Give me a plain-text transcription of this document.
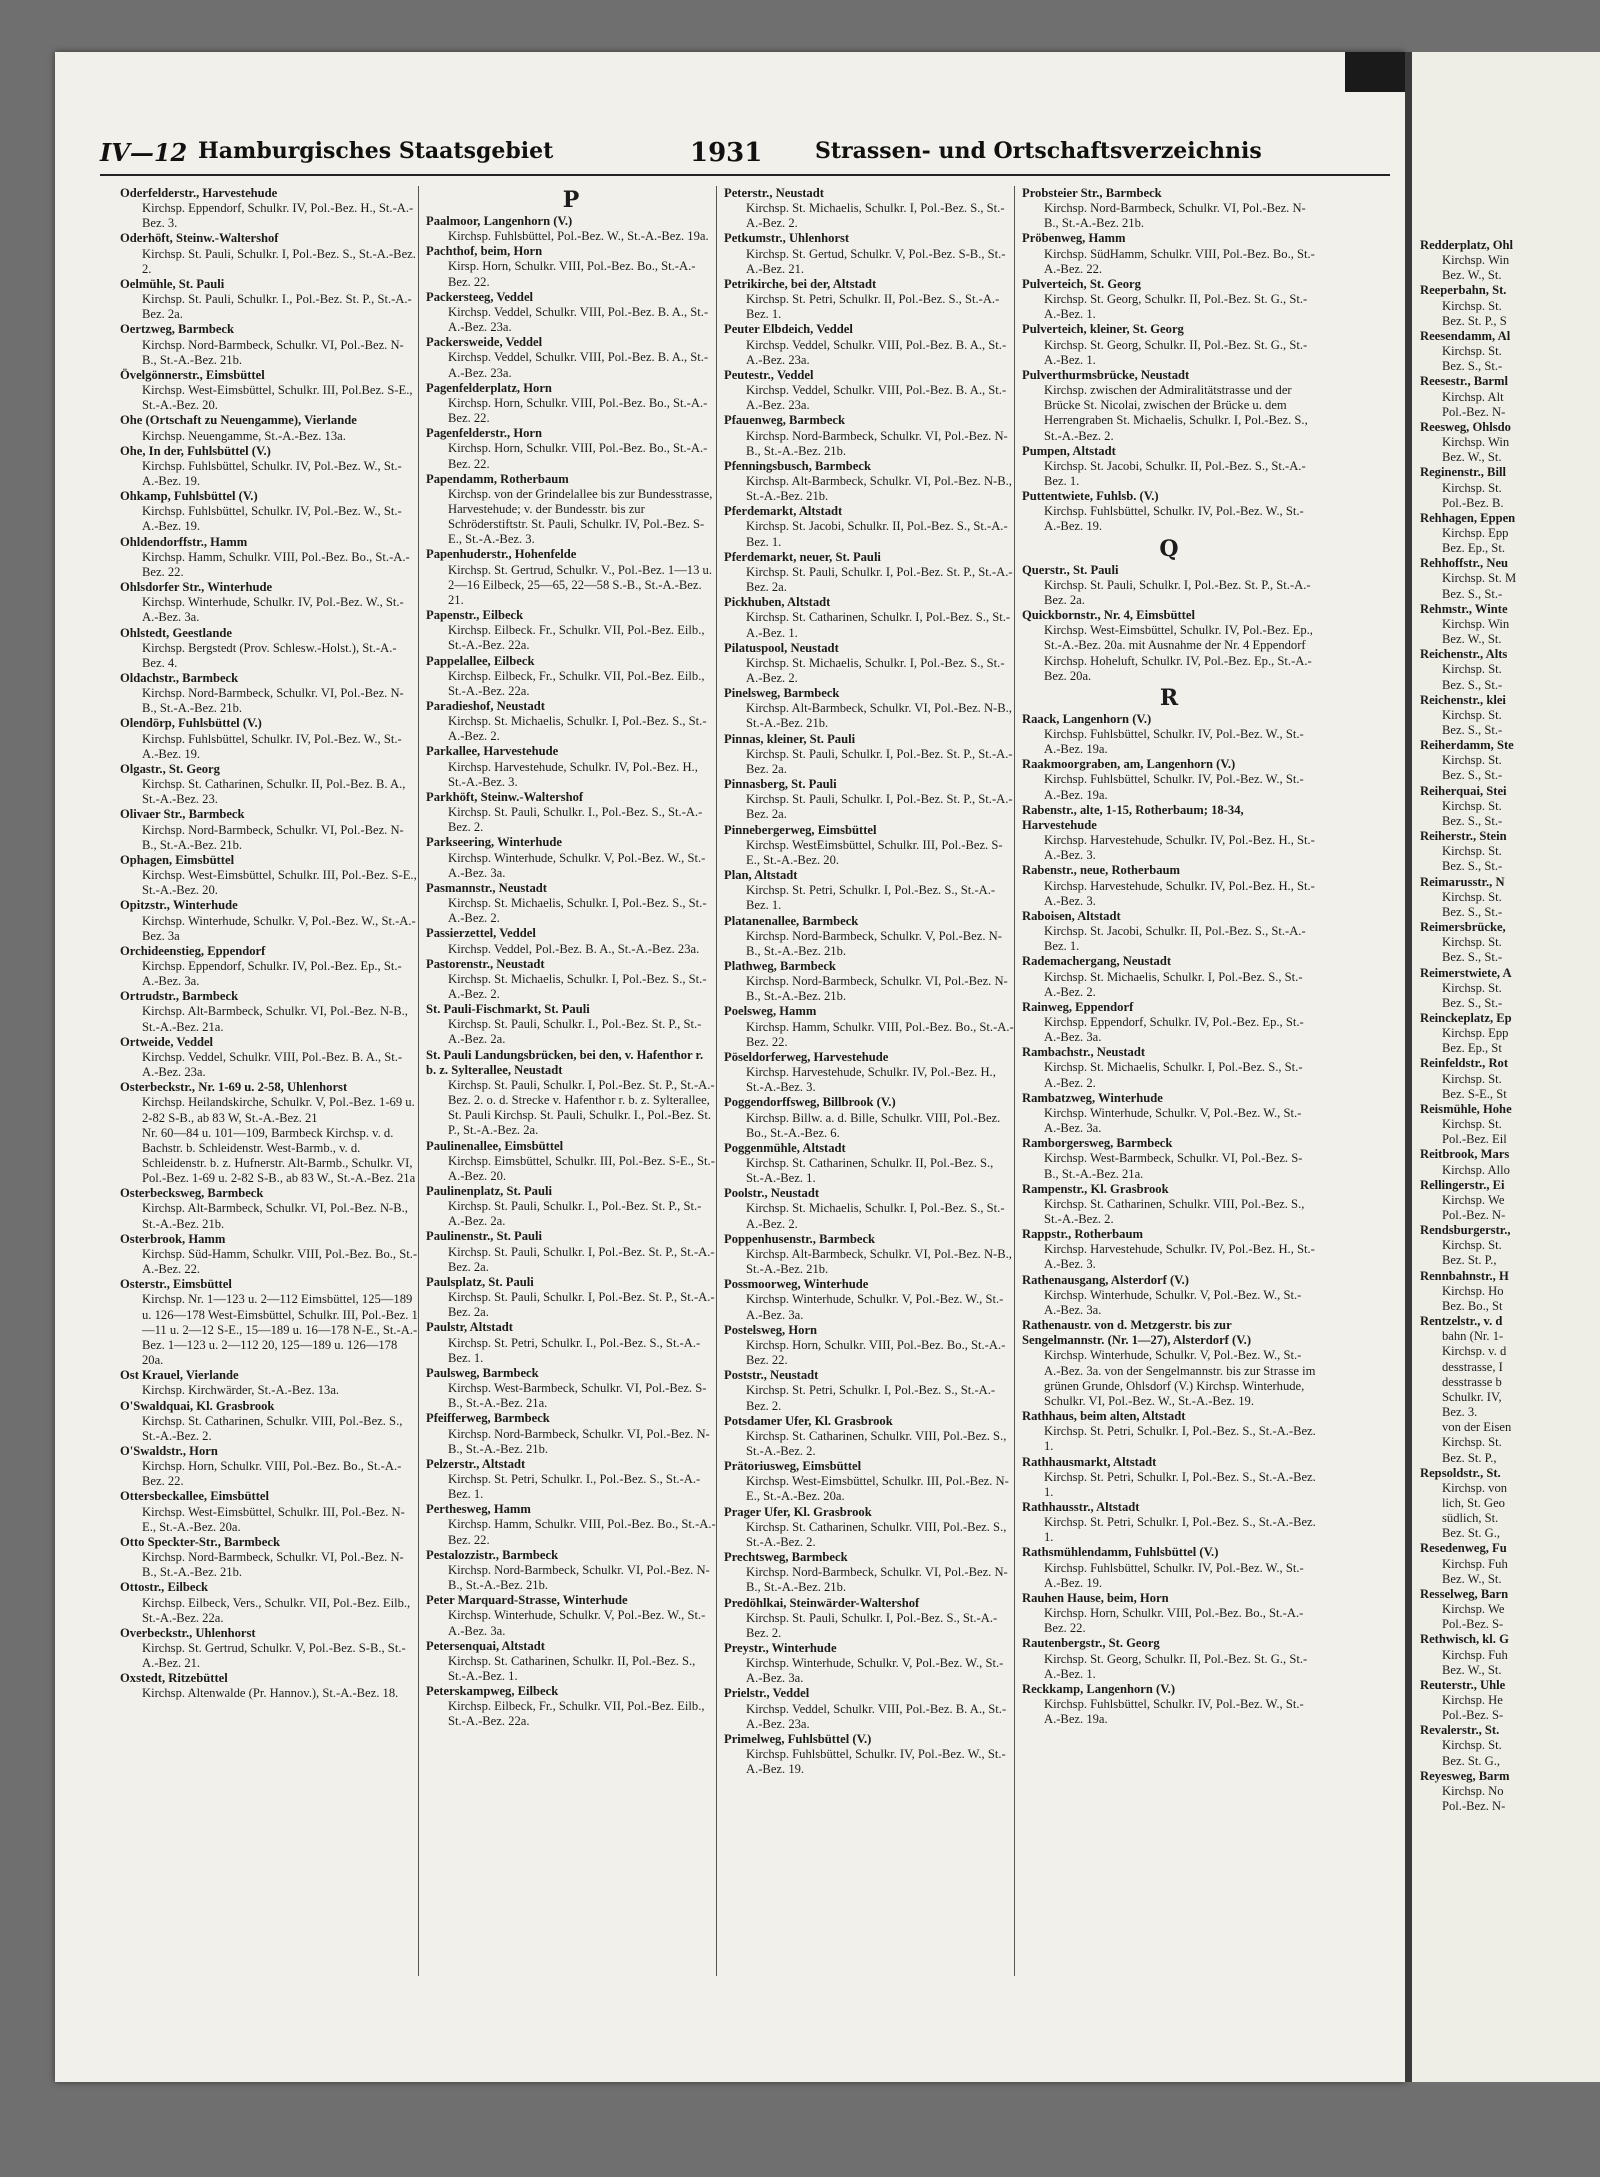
Redderplatz, Ohl
Kirchsp. Win
Bez. W., St.
Reeperbahn, St.
Kirchsp. St.
Bez. St. P., S
Reesendamm, Al
Kirchsp. St.
Bez. S., St.-
Reesestr., Barml
Kirchsp. Alt
Pol.-Bez. N-
Reesweg, Ohlsdo
Kirchsp. Win
Bez. W., St.
Reginenstr., Bill
Kirchsp. St.
Pol.-Bez. B.
Rehhagen, Eppen
Kirchsp. Epp
Bez. Ep., St.
Rehhoffstr., Neu
Kirchsp. St. M
Bez. S., St.-
Rehmstr., Winte
Kirchsp. Win
Bez. W., St.
Reichenstr., Alts
Kirchsp. St.
Bez. S., St.-
Reichenstr., klei
Kirchsp. St.
Bez. S., St.-
Reiherdamm, Ste
Kirchsp. St.
Bez. S., St.-
Reiherquai, Stei
Kirchsp. St.
Bez. S., St.-
Reiherstr., Stein
Kirchsp. St.
Bez. S., St.-
Reimarusstr., N
Kirchsp. St.
Bez. S., St.-
Reimersbrücke,
Kirchsp. St.
Bez. S., St.-
Reimerstwiete, A
Kirchsp. St.
Bez. S., St.-
Reinckeplatz, Ep
Kirchsp. Epp
Bez. Ep., St
Reinfeldstr., Rot
Kirchsp. St.
Bez. S-E., St
Reismühle, Hohe
Kirchsp. St.
Pol.-Bez. Eil
Reitbrook, Mars
Kirchsp. Allo
Rellingerstr., Ei
Kirchsp. We
Pol.-Bez. N-
Rendsburgerstr.,
Kirchsp. St.
Bez. St. P.,
Rennbahnstr., H
Kirchsp. Ho
Bez. Bo., St
Rentzelstr., v. d
bahn (Nr. 1-
Kirchsp. v. d
desstrasse, I
desstrasse b
Schulkr. IV,
Bez. 3.
von der Eisen
Kirchsp. St.
Bez. St. P.,
Repsoldstr., St.
Kirchsp. von
lich, St. Geo
südlich, St.
Bez. St. G.,
Resedenweg, Fu
Kirchsp. Fuh
Bez. W., St.
Resselweg, Barn
Kirchsp. We
Pol.-Bez. S-
Rethwisch, kl. G
Kirchsp. Fuh
Bez. W., St.
Reuterstr., Uhle
Kirchsp. He
Pol.-Bez. S-
Revalerstr., St.
Kirchsp. St.
Bez. St. G.,
Reyesweg, Barm
Kirchsp. No
Pol.-Bez. N-
IV—12 Hamburgisches Staatsgebiet	1931 Strassen- und Ortschaftsverzeichnis
Oderfelderstr., Harvestehude
Kirchsp. Eppendorf, Schulkr. IV, Pol.-Bez. H., St.-A.-Bez. 3.
Oderhöft, Steinw.-Waltershof
Kirchsp. St. Pauli, Schulkr. I, Pol.-Bez. S., St.-A.-Bez. 2.
Oelmühle, St. Pauli
Kirchsp. St. Pauli, Schulkr. I., Pol.-Bez. St. P., St.-A.-Bez. 2a.
Oertzweg, Barmbeck
Kirchsp. Nord-Barmbeck, Schulkr. VI, Pol.-Bez. N-B., St.-A.-Bez. 21b.
Övelgönnerstr., Eimsbüttel
Kirchsp. West-Eimsbüttel, Schulkr. III, Pol.Bez. S-E., St.-A.-Bez. 20.
Ohe (Ortschaft zu Neuengamme), Vierlande
Kirchsp. Neuengamme, St.-A.-Bez. 13a.
Ohe, In der, Fuhlsbüttel (V.)
Kirchsp. Fuhlsbüttel, Schulkr. IV, Pol.-Bez. W., St.-A.-Bez. 19.
Ohkamp, Fuhlsbüttel (V.)
Kirchsp. Fuhlsbüttel, Schulkr. IV, Pol.-Bez. W., St.-A.-Bez. 19.
Ohldendorffstr., Hamm
Kirchsp. Hamm, Schulkr. VIII, Pol.-Bez. Bo., St.-A.-Bez. 22.
Ohlsdorfer Str., Winterhude
Kirchsp. Winterhude, Schulkr. IV, Pol.-Bez. W., St.-A.-Bez. 3a.
Ohlstedt, Geestlande
Kirchsp. Bergstedt (Prov. Schlesw.-Holst.), St.-A.-Bez. 4.
Oldachstr., Barmbeck
Kirchsp. Nord-Barmbeck, Schulkr. VI, Pol.-Bez. N-B., St.-A.-Bez. 21b.
Olendörp, Fuhlsbüttel (V.)
Kirchsp. Fuhlsbüttel, Schulkr. IV, Pol.-Bez. W., St.-A.-Bez. 19.
Olgastr., St. Georg
Kirchsp. St. Catharinen, Schulkr. II, Pol.-Bez. B. A., St.-A.-Bez. 23.
Olivaer Str., Barmbeck
Kirchsp. Nord-Barmbeck, Schulkr. VI, Pol.-Bez. N-B., St.-A.-Bez. 21b.
Ophagen, Eimsbüttel
Kirchsp. West-Eimsbüttel, Schulkr. III, Pol.-Bez. S-E., St.-A.-Bez. 20.
Opitzstr., Winterhude
Kirchsp. Winterhude, Schulkr. V, Pol.-Bez. W., St.-A.-Bez. 3a
Orchideenstieg, Eppendorf
Kirchsp. Eppendorf, Schulkr. IV, Pol.-Bez. Ep., St.-A.-Bez. 3a.
Ortrudstr., Barmbeck
Kirchsp. Alt-Barmbeck, Schulkr. VI, Pol.-Bez. N-B., St.-A.-Bez. 21a.
Ortweide, Veddel
Kirchsp. Veddel, Schulkr. VIII, Pol.-Bez. B. A., St.-A.-Bez. 23a.
Osterbeckstr., Nr. 1-69 u. 2-58, Uhlenhorst
Kirchsp. Heilandskirche, Schulkr. V, Pol.-Bez. 1-69 u. 2-82 S-B., ab 83 W, St.-A.-Bez. 21
Nr. 60—84 u. 101—109, Barmbeck Kirchsp. v. d. Bachstr. b. Schleidenstr. West-Barmb., v. d. Schleidenstr. b. z. Hufnerstr. Alt-Barmb., Schulkr. VI, Pol.-Bez. 1-69 u. 2-82 S-B., ab 83 W., St.-A.-Bez. 21a
Osterbecksweg, Barmbeck
Kirchsp. Alt-Barmbeck, Schulkr. VI, Pol.-Bez. N-B., St.-A.-Bez. 21b.
Osterbrook, Hamm
Kirchsp. Süd-Hamm, Schulkr. VIII, Pol.-Bez. Bo., St.-A.-Bez. 22.
Osterstr., Eimsbüttel
Kirchsp. Nr. 1—123 u. 2—112 Eimsbüttel, 125—189 u. 126—178 West-Eimsbüttel, Schulkr. III, Pol.-Bez. 1—11 u. 2—12 S-E., 15—189 u. 16—178 N-E., St.-A.-Bez. 1—123 u. 2—112 20, 125—189 u. 126—178 20a.
Ost Krauel, Vierlande
Kirchsp. Kirchwärder, St.-A.-Bez. 13a.
O'Swaldquai, Kl. Grasbrook
Kirchsp. St. Catharinen, Schulkr. VIII, Pol.-Bez. S., St.-A.-Bez. 2.
O'Swaldstr., Horn
Kirchsp. Horn, Schulkr. VIII, Pol.-Bez. Bo., St.-A.-Bez. 22.
Ottersbeckallee, Eimsbüttel
Kirchsp. West-Eimsbüttel, Schulkr. III, Pol.-Bez. N-E., St.-A.-Bez. 20a.
Otto Speckter-Str., Barmbeck
Kirchsp. Nord-Barmbeck, Schulkr. VI, Pol.-Bez. N-B., St.-A.-Bez. 21b.
Ottostr., Eilbeck
Kirchsp. Eilbeck, Vers., Schulkr. VII, Pol.-Bez. Eilb., St.-A.-Bez. 22a.
Overbeckstr., Uhlenhorst
Kirchsp. St. Gertrud, Schulkr. V, Pol.-Bez. S-B., St.-A.-Bez. 21.
Oxstedt, Ritzebüttel
Kirchsp. Altenwalde (Pr. Hannov.), St.-A.-Bez. 18.
P
Paalmoor, Langenhorn (V.)
Kirchsp. Fuhlsbüttel, Pol.-Bez. W., St.-A.-Bez. 19a.
Pachthof, beim, Horn
Kirsp. Horn, Schulkr. VIII, Pol.-Bez. Bo., St.-A.-Bez. 22.
Packersteeg, Veddel
Kirchsp. Veddel, Schulkr. VIII, Pol.-Bez. B. A., St.-A.-Bez. 23a.
Packersweide, Veddel
Kirchsp. Veddel, Schulkr. VIII, Pol.-Bez. B. A., St.-A.-Bez. 23a.
Pagenfelderplatz, Horn
Kirchsp. Horn, Schulkr. VIII, Pol.-Bez. Bo., St.-A.-Bez. 22.
Pagenfelderstr., Horn
Kirchsp. Horn, Schulkr. VIII, Pol.-Bez. Bo., St.-A.-Bez. 22.
Papendamm, Rotherbaum
Kirchsp. von der Grindelallee bis zur Bundesstrasse, Harvestehude; v. der Bundesstr. bis zur Schröderstiftstr. St. Pauli, Schulkr. IV, Pol.-Bez. S-E., St.-A.-Bez. 3.
Papenhuderstr., Hohenfelde
Kirchsp. St. Gertrud, Schulkr. V., Pol.-Bez. 1—13 u. 2—16 Eilbeck, 25—65, 22—58 S.-B., St.-A.-Bez. 21.
Papenstr., Eilbeck
Kirchsp. Eilbeck. Fr., Schulkr. VII, Pol.-Bez. Eilb., St.-A.-Bez. 22a.
Pappelallee, Eilbeck
Kirchsp. Eilbeck, Fr., Schulkr. VII, Pol.-Bez. Eilb., St.-A.-Bez. 22a.
Paradieshof, Neustadt
Kirchsp. St. Michaelis, Schulkr. I, Pol.-Bez. S., St.-A.-Bez. 2.
Parkallee, Harvestehude
Kirchsp. Harvestehude, Schulkr. IV, Pol.-Bez. H., St.-A.-Bez. 3.
Parkhöft, Steinw.-Waltershof
Kirchsp. St. Pauli, Schulkr. I., Pol.-Bez. S., St.-A.-Bez. 2.
Parkseering, Winterhude
Kirchsp. Winterhude, Schulkr. V, Pol.-Bez. W., St.-A.-Bez. 3a.
Pasmannstr., Neustadt
Kirchsp. St. Michaelis, Schulkr. I, Pol.-Bez. S., St.-A.-Bez. 2.
Passierzettel, Veddel
Kirchsp. Veddel, Pol.-Bez. B. A., St.-A.-Bez. 23a.
Pastorenstr., Neustadt
Kirchsp. St. Michaelis, Schulkr. I, Pol.-Bez. S., St.-A.-Bez. 2.
St. Pauli-Fischmarkt, St. Pauli
Kirchsp. St. Pauli, Schulkr. I., Pol.-Bez. St. P., St.-A.-Bez. 2a.
St. Pauli Landungsbrücken, bei den, v. Hafenthor r. b. z. Sylterallee, Neustadt
Kirchsp. St. Pauli, Schulkr. I, Pol.-Bez. St. P., St.-A.-Bez. 2. o. d. Strecke v. Hafenthor r. b. z. Sylterallee, St. Pauli Kirchsp. St. Pauli, Schulkr. I., Pol.-Bez. St. P., St.-A.-Bez. 2a.
Paulinenallee, Eimsbüttel
Kirchsp. Eimsbüttel, Schulkr. III, Pol.-Bez. S-E., St.-A.-Bez. 20.
Paulinenplatz, St. Pauli
Kirchsp. St. Pauli, Schulkr. I., Pol.-Bez. St. P., St.-A.-Bez. 2a.
Paulinenstr., St. Pauli
Kirchsp. St. Pauli, Schulkr. I, Pol.-Bez. St. P., St.-A.-Bez. 2a.
Paulsplatz, St. Pauli
Kirchsp. St. Pauli, Schulkr. I, Pol.-Bez. St. P., St.-A.-Bez. 2a.
Paulstr, Altstadt
Kirchsp. St. Petri, Schulkr. I., Pol.-Bez. S., St.-A.-Bez. 1.
Paulsweg, Barmbeck
Kirchsp. West-Barmbeck, Schulkr. VI, Pol.-Bez. S-B., St.-A.-Bez. 21a.
Pfeifferweg, Barmbeck
Kirchsp. Nord-Barmbeck, Schulkr. VI, Pol.-Bez. N-B., St.-A.-Bez. 21b.
Pelzerstr., Altstadt
Kirchsp. St. Petri, Schulkr. I., Pol.-Bez. S., St.-A.-Bez. 1.
Perthesweg, Hamm
Kirchsp. Hamm, Schulkr. VIII, Pol.-Bez. Bo., St.-A.-Bez. 22.
Pestalozzistr., Barmbeck
Kirchsp. Nord-Barmbeck, Schulkr. VI, Pol.-Bez. N-B., St.-A.-Bez. 21b.
Peter Marquard-Strasse, Winterhude
Kirchsp. Winterhude, Schulkr. V, Pol.-Bez. W., St.-A.-Bez. 3a.
Petersenquai, Altstadt
Kirchsp. St. Catharinen, Schulkr. II, Pol.-Bez. S., St.-A.-Bez. 1.
Peterskampweg, Eilbeck
Kirchsp. Eilbeck, Fr., Schulkr. VII, Pol.-Bez. Eilb., St.-A.-Bez. 22a.
Peterstr., Neustadt
Kirchsp. St. Michaelis, Schulkr. I, Pol.-Bez. S., St.-A.-Bez. 2.
Petkumstr., Uhlenhorst
Kirchsp. St. Gertud, Schulkr. V, Pol.-Bez. S-B., St.-A.-Bez. 21.
Petrikirche, bei der, Altstadt
Kirchsp. St. Petri, Schulkr. II, Pol.-Bez. S., St.-A.-Bez. 1.
Peuter Elbdeich, Veddel
Kirchsp. Veddel, Schulkr. VIII, Pol.-Bez. B. A., St.-A.-Bez. 23a.
Peutestr., Veddel
Kirchsp. Veddel, Schulkr. VIII, Pol.-Bez. B. A., St.-A.-Bez. 23a.
Pfauenweg, Barmbeck
Kirchsp. Nord-Barmbeck, Schulkr. VI, Pol.-Bez. N-B., St.-A.-Bez. 21b.
Pfenningsbusch, Barmbeck
Kirchsp. Alt-Barmbeck, Schulkr. VI, Pol.-Bez. N-B., St.-A.-Bez. 21b.
Pferdemarkt, Altstadt
Kirchsp. St. Jacobi, Schulkr. II, Pol.-Bez. S., St.-A.-Bez. 1.
Pferdemarkt, neuer, St. Pauli
Kirchsp. St. Pauli, Schulkr. I, Pol.-Bez. St. P., St.-A.-Bez. 2a.
Pickhuben, Altstadt
Kirchsp. St. Catharinen, Schulkr. I, Pol.-Bez. S., St.-A.-Bez. 1.
Pilatuspool, Neustadt
Kirchsp. St. Michaelis, Schulkr. I, Pol.-Bez. S., St.-A.-Bez. 2.
Pinelsweg, Barmbeck
Kirchsp. Alt-Barmbeck, Schulkr. VI, Pol.-Bez. N-B., St.-A.-Bez. 21b.
Pinnas, kleiner, St. Pauli
Kirchsp. St. Pauli, Schulkr. I, Pol.-Bez. St. P., St.-A.-Bez. 2a.
Pinnasberg, St. Pauli
Kirchsp. St. Pauli, Schulkr. I, Pol.-Bez. St. P., St.-A.-Bez. 2a.
Pinnebergerweg, Eimsbüttel
Kirchsp. WestEimsbüttel, Schulkr. III, Pol.-Bez. S-E., St.-A.-Bez. 20.
Plan, Altstadt
Kirchsp. St. Petri, Schulkr. I, Pol.-Bez. S., St.-A.-Bez. 1.
Platanenallee, Barmbeck
Kirchsp. Nord-Barmbeck, Schulkr. V, Pol.-Bez. N-B., St.-A.-Bez. 21b.
Plathweg, Barmbeck
Kirchsp. Nord-Barmbeck, Schulkr. VI, Pol.-Bez. N-B., St.-A.-Bez. 21b.
Poelsweg, Hamm
Kirchsp. Hamm, Schulkr. VIII, Pol.-Bez. Bo., St.-A.-Bez. 22.
Pöseldorferweg, Harvestehude
Kirchsp. Harvestehude, Schulkr. IV, Pol.-Bez. H., St.-A.-Bez. 3.
Poggendorffsweg, Billbrook (V.)
Kirchsp. Billw. a. d. Bille, Schulkr. VIII, Pol.-Bez. Bo., St.-A.-Bez. 6.
Poggenmühle, Altstadt
Kirchsp. St. Catharinen, Schulkr. II, Pol.-Bez. S., St.-A.-Bez. 1.
Poolstr., Neustadt
Kirchsp. St. Michaelis, Schulkr. I, Pol.-Bez. S., St.-A.-Bez. 2.
Poppenhusenstr., Barmbeck
Kirchsp. Alt-Barmbeck, Schulkr. VI, Pol.-Bez. N-B., St.-A.-Bez. 21b.
Possmoorweg, Winterhude
Kirchsp. Winterhude, Schulkr. V, Pol.-Bez. W., St.-A.-Bez. 3a.
Postelsweg, Horn
Kirchsp. Horn, Schulkr. VIII, Pol.-Bez. Bo., St.-A.-Bez. 22.
Poststr., Neustadt
Kirchsp. St. Petri, Schulkr. I, Pol.-Bez. S., St.-A.-Bez. 2.
Potsdamer Ufer, Kl. Grasbrook
Kirchsp. St. Catharinen, Schulkr. VIII, Pol.-Bez. S., St.-A.-Bez. 2.
Prätoriusweg, Eimsbüttel
Kirchsp. West-Eimsbüttel, Schulkr. III, Pol.-Bez. N-E., St.-A.-Bez. 20a.
Prager Ufer, Kl. Grasbrook
Kirchsp. St. Catharinen, Schulkr. VIII, Pol.-Bez. S., St.-A.-Bez. 2.
Prechtsweg, Barmbeck
Kirchsp. Nord-Barmbeck, Schulkr. VI, Pol.-Bez. N-B., St.-A.-Bez. 21b.
Predöhlkai, Steinwärder-Waltershof
Kirchsp. St. Pauli, Schulkr. I, Pol.-Bez. S., St.-A.-Bez. 2.
Preystr., Winterhude
Kirchsp. Winterhude, Schulkr. V, Pol.-Bez. W., St.-A.-Bez. 3a.
Prielstr., Veddel
Kirchsp. Veddel, Schulkr. VIII, Pol.-Bez. B. A., St.-A.-Bez. 23a.
Primelweg, Fuhlsbüttel (V.)
Kirchsp. Fuhlsbüttel, Schulkr. IV, Pol.-Bez. W., St.-A.-Bez. 19.
Probsteier Str., Barmbeck
Kirchsp. Nord-Barmbeck, Schulkr. VI, Pol.-Bez. N-B., St.-A.-Bez. 21b.
Pröbenweg, Hamm
Kirchsp. SüdHamm, Schulkr. VIII, Pol.-Bez. Bo., St.-A.-Bez. 22.
Pulverteich, St. Georg
Kirchsp. St. Georg, Schulkr. II, Pol.-Bez. St. G., St.-A.-Bez. 1.
Pulverteich, kleiner, St. Georg
Kirchsp. St. Georg, Schulkr. II, Pol.-Bez. St. G., St.-A.-Bez. 1.
Pulverthurmsbrücke, Neustadt
Kirchsp. zwischen der Admiralitätstrasse und der Brücke St. Nicolai, zwischen der Brücke u. dem Herrengraben St. Michaelis, Schulkr. I, Pol.-Bez. S., St.-A.-Bez. 2.
Pumpen, Altstadt
Kirchsp. St. Jacobi, Schulkr. II, Pol.-Bez. S., St.-A.-Bez. 1.
Puttentwiete, Fuhlsb. (V.)
Kirchsp. Fuhlsbüttel, Schulkr. IV, Pol.-Bez. W., St.-A.-Bez. 19.
Q
Querstr., St. Pauli
Kirchsp. St. Pauli, Schulkr. I, Pol.-Bez. St. P., St.-A.-Bez. 2a.
Quickbornstr., Nr. 4, Eimsbüttel
Kirchsp. West-Eimsbüttel, Schulkr. IV, Pol.-Bez. Ep., St.-A.-Bez. 20a. mit Ausnahme der Nr. 4 Eppendorf Kirchsp. Hoheluft, Schulkr. IV, Pol.-Bez. Ep., St.-A.-Bez. 20a.
R
Raack, Langenhorn (V.)
Kirchsp. Fuhlsbüttel, Schulkr. IV, Pol.-Bez. W., St.-A.-Bez. 19a.
Raakmoorgraben, am, Langenhorn (V.)
Kirchsp. Fuhlsbüttel, Schulkr. IV, Pol.-Bez. W., St.-A.-Bez. 19a.
Rabenstr., alte, 1-15, Rotherbaum; 18-34, Harvestehude
Kirchsp. Harvestehude, Schulkr. IV, Pol.-Bez. H., St.-A.-Bez. 3.
Rabenstr., neue, Rotherbaum
Kirchsp. Harvestehude, Schulkr. IV, Pol.-Bez. H., St.-A.-Bez. 3.
Raboisen, Altstadt
Kirchsp. St. Jacobi, Schulkr. II, Pol.-Bez. S., St.-A.-Bez. 1.
Rademachergang, Neustadt
Kirchsp. St. Michaelis, Schulkr. I, Pol.-Bez. S., St.-A.-Bez. 2.
Rainweg, Eppendorf
Kirchsp. Eppendorf, Schulkr. IV, Pol.-Bez. Ep., St.-A.-Bez. 3a.
Rambachstr., Neustadt
Kirchsp. St. Michaelis, Schulkr. I, Pol.-Bez. S., St.-A.-Bez. 2.
Rambatzweg, Winterhude
Kirchsp. Winterhude, Schulkr. V, Pol.-Bez. W., St.-A.-Bez. 3a.
Ramborgersweg, Barmbeck
Kirchsp. West-Barmbeck, Schulkr. VI, Pol.-Bez. S-B., St.-A.-Bez. 21a.
Rampenstr., Kl. Grasbrook
Kirchsp. St. Catharinen, Schulkr. VIII, Pol.-Bez. S., St.-A.-Bez. 2.
Rappstr., Rotherbaum
Kirchsp. Harvestehude, Schulkr. IV, Pol.-Bez. H., St.-A.-Bez. 3.
Rathenausgang, Alsterdorf (V.)
Kirchsp. Winterhude, Schulkr. V, Pol.-Bez. W., St.-A.-Bez. 3a.
Rathenaustr. von d. Metzgerstr. bis zur Sengelmannstr. (Nr. 1—27), Alsterdorf (V.)
Kirchsp. Winterhude, Schulkr. V, Pol.-Bez. W., St.-A.-Bez. 3a. von der Sengelmannstr. bis zur Strasse im grünen Grunde, Ohlsdorf (V.) Kirchsp. Winterhude, Schulkr. VI, Pol.-Bez. W., St.-A.-Bez. 19.
Rathhaus, beim alten, Altstadt
Kirchsp. St. Petri, Schulkr. I, Pol.-Bez. S., St.-A.-Bez. 1.
Rathhausmarkt, Altstadt
Kirchsp. St. Petri, Schulkr. I, Pol.-Bez. S., St.-A.-Bez. 1.
Rathhausstr., Altstadt
Kirchsp. St. Petri, Schulkr. I, Pol.-Bez. S., St.-A.-Bez. 1.
Rathsmühlendamm, Fuhlsbüttel (V.)
Kirchsp. Fuhlsbüttel, Schulkr. IV, Pol.-Bez. W., St.-A.-Bez. 19.
Rauhen Hause, beim, Horn
Kirchsp. Horn, Schulkr. VIII, Pol.-Bez. Bo., St.-A.-Bez. 22.
Rautenbergstr., St. Georg
Kirchsp. St. Georg, Schulkr. II, Pol.-Bez. St. G., St.-A.-Bez. 1.
Reckkamp, Langenhorn (V.)
Kirchsp. Fuhlsbüttel, Schulkr. IV, Pol.-Bez. W., St.-A.-Bez. 19a.
